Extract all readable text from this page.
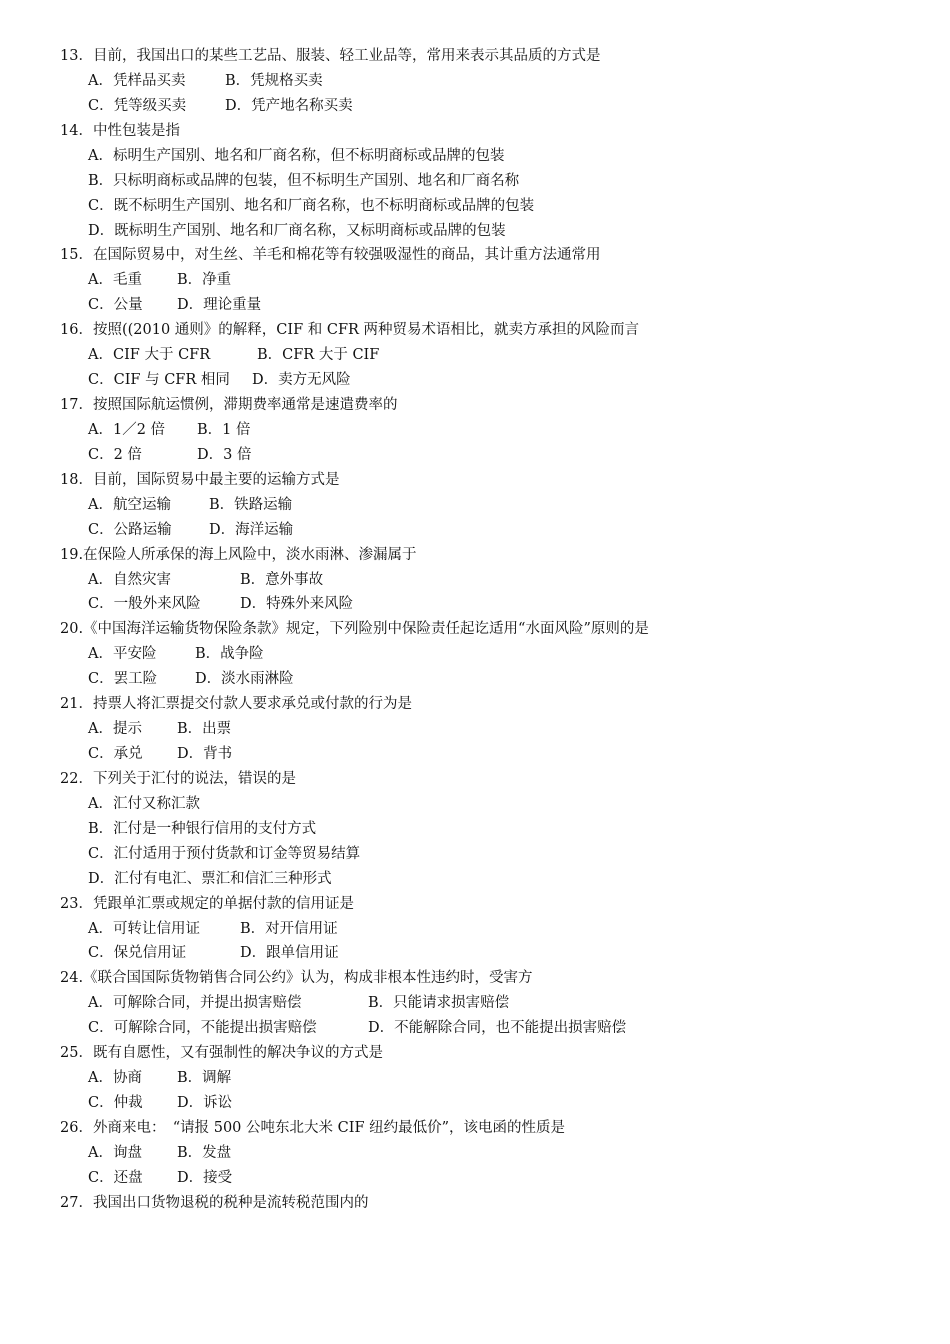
13．目前，我国出口的某些工艺品、服装、轻工业品等，常用来表示其品质的方式是
A．凭样品买卖	B．凭规格买卖
C．凭等级买卖	D．凭产地名称买卖
14．中性包装是指
A．标明生产国别、地名和厂商名称，但不标明商标或品牌的包装
B．只标明商标或品牌的包装，但不标明生产国别、地名和厂商名称
C．既不标明生产国别、地名和厂商名称，也不标明商标或品牌的包装
D．既标明生产国别、地名和厂商名称，又标明商标或品牌的包装
15．在国际贸易中，对生丝、羊毛和棉花等有较强吸湿性的商品，其计重方法通常用
A．毛重 B．净重
C．公量 D．理论重量
16．按照((2010 通则》的解释，CIF 和 CFR 两种贸易术语相比，就卖方承担的风险而言
A．CIF 大于 CFR	B．CFR 大于 CIF
C．CIF 与 CFR 相同 D．卖方无风险
17．按照国际航运惯例，滞期费率通常是速遣费率的
A．1／2 倍 B．1 倍
C．2 倍	D．3 倍
18．目前，国际贸易中最主要的运输方式是
A．航空运输	B．铁路运输
C．公路运输	D．海洋运输
19.在保险人所承保的海上风险中，淡水雨淋、渗漏属于
A．自然灾害	B．意外事故
C．一般外来风险	D．特殊外来风险
20.《中国海洋运输货物保险条款》规定，下列险别中保险责任起讫适用“水面风险”原则的是
A．平安险	B．战争险
C．罢工险	D．淡水雨淋险
21．持票人将汇票提交付款人要求承兑或付款的行为是
A．提示 B．出票
C．承兑 D．背书
22．下列关于汇付的说法，错误的是
A．汇付又称汇款
B．汇付是一种银行信用的支付方式
C．汇付适用于预付货款和订金等贸易结算
D．汇付有电汇、票汇和信汇三种形式
23．凭跟单汇票或规定的单据付款的信用证是
A．可转让信用证	B．对开信用证
C．保兑信用证	D．跟单信用证
24.《联合国国际货物销售合同公约》认为，构成非根本性违约时，受害方
A．可解除合同，并提出损害赔偿	B．只能请求损害赔偿
C．可解除合同，不能提出损害赔偿	D．不能解除合同，也不能提出损害赔偿
25．既有自愿性，又有强制性的解决争议的方式是
A．协商 B．调解
C．仲裁 D．诉讼
26．外商来电：　“请报 500 公吨东北大米 CIF 纽约最低价”，该电函的性质是
A．询盘 B．发盘
C．还盘 D．接受
27．我国出口货物退税的税种是流转税范围内的
